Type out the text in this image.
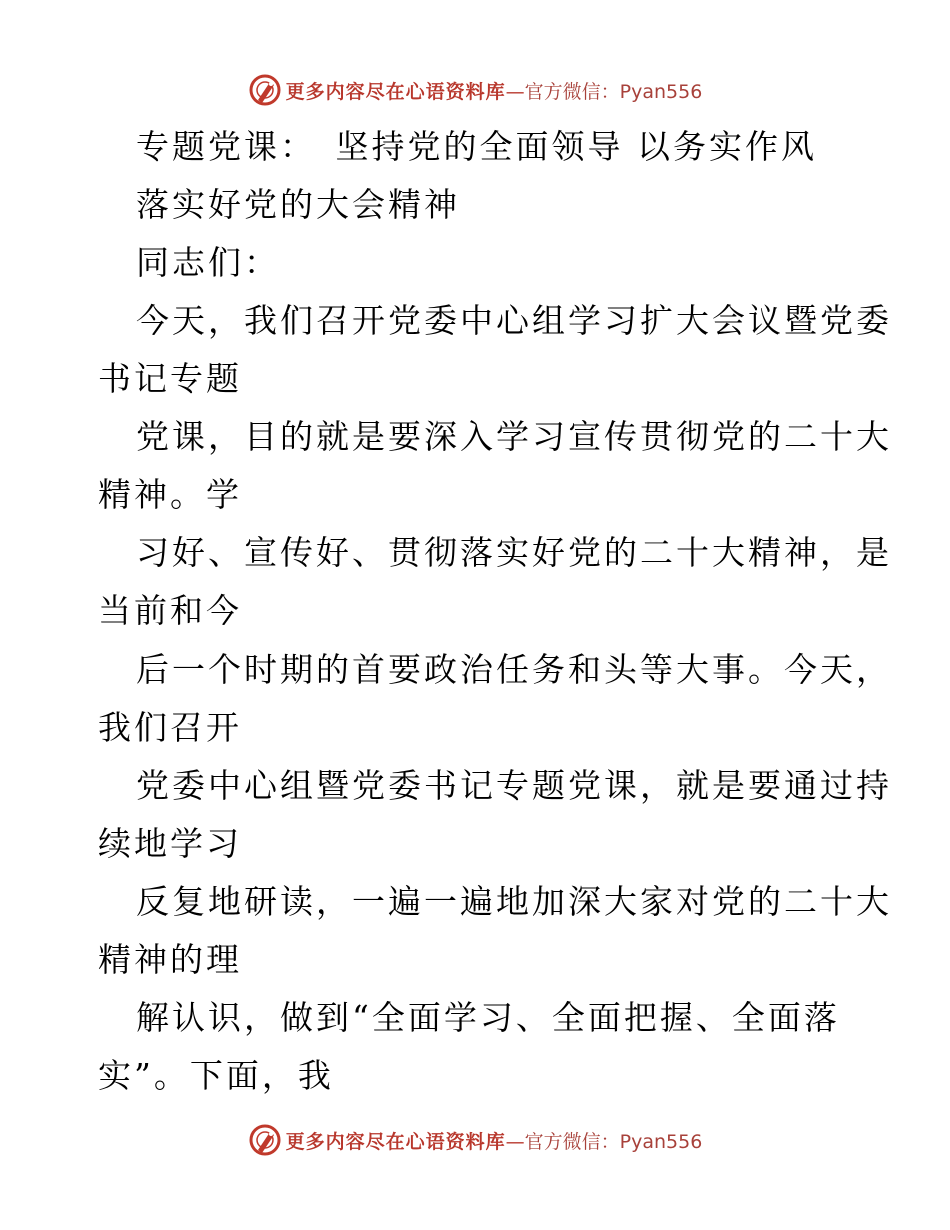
更多内容尽在心语资料库—官方微信：Pyan556
专题党课：　坚持党的全面领导 以务实作风
落实好党的大会精神
同志们：
今天，我们召开党委中心组学习扩大会议暨党委
书记专题
党课，目的就是要深入学习宣传贯彻党的二十大
精神。学
习好、宣传好、贯彻落实好党的二十大精神，是
当前和今
后一个时期的首要政治任务和头等大事。今天，
我们召开
党委中心组暨党委书记专题党课，就是要通过持
续地学习
反复地研读，一遍一遍地加深大家对党的二十大
精神的理
解认识，做到“全面学习、全面把握、全面落
实”。下面，我
更多内容尽在心语资料库—官方微信：Pyan556
